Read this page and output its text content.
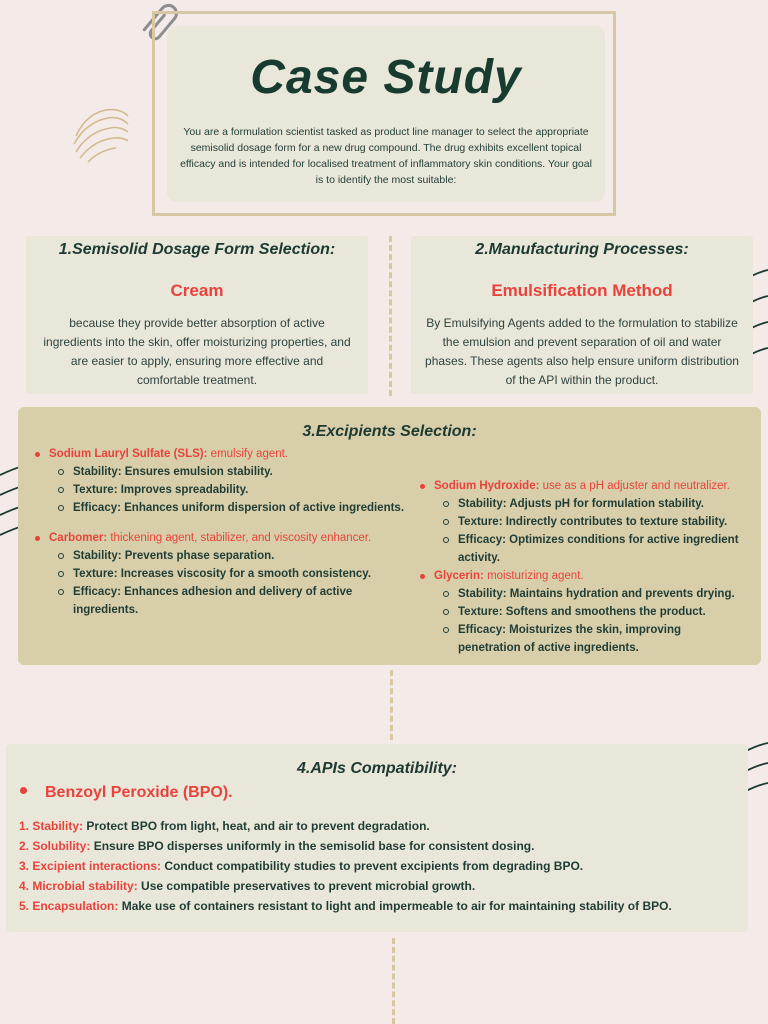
Case Study
You are a formulation scientist tasked as product line manager to select the appropriate semisolid dosage form for a new drug compound. The drug exhibits excellent topical efficacy and is intended for localised treatment of inflammatory skin conditions. Your goal is to identify the most suitable:
1.Semisolid Dosage Form Selection:
Cream
because they provide better absorption of active ingredients into the skin, offer moisturizing properties, and are easier to apply, ensuring more effective and comfortable treatment.
2.Manufacturing Processes:
Emulsification Method
By Emulsifying Agents added to the formulation to stabilize the emulsion and prevent separation of oil and water phases. These agents also help ensure uniform distribution of the API within the product.
3.Excipients Selection:
Sodium Lauryl Sulfate (SLS): emulsify agent.
Stability: Ensures emulsion stability.
Texture: Improves spreadability.
Efficacy: Enhances uniform dispersion of active ingredients.
Carbomer: thickening agent, stabilizer, and viscosity enhancer.
Stability: Prevents phase separation.
Texture: Increases viscosity for a smooth consistency.
Efficacy: Enhances adhesion and delivery of active ingredients.
Sodium Hydroxide: use as a pH adjuster and neutralizer.
Stability: Adjusts pH for formulation stability.
Texture: Indirectly contributes to texture stability.
Efficacy: Optimizes conditions for active ingredient activity.
Glycerin: moisturizing agent.
Stability: Maintains hydration and prevents drying.
Texture: Softens and smoothens the product.
Efficacy: Moisturizes the skin, improving penetration of active ingredients.
4.APIs Compatibility:
Benzoyl Peroxide (BPO).
1. Stability: Protect BPO from light, heat, and air to prevent degradation.
2. Solubility: Ensure BPO disperses uniformly in the semisolid base for consistent dosing.
3. Excipient interactions: Conduct compatibility studies to prevent excipients from degrading BPO.
4. Microbial stability: Use compatible preservatives to prevent microbial growth.
5. Encapsulation: Make use of containers resistant to light and impermeable to air for maintaining stability of BPO.
